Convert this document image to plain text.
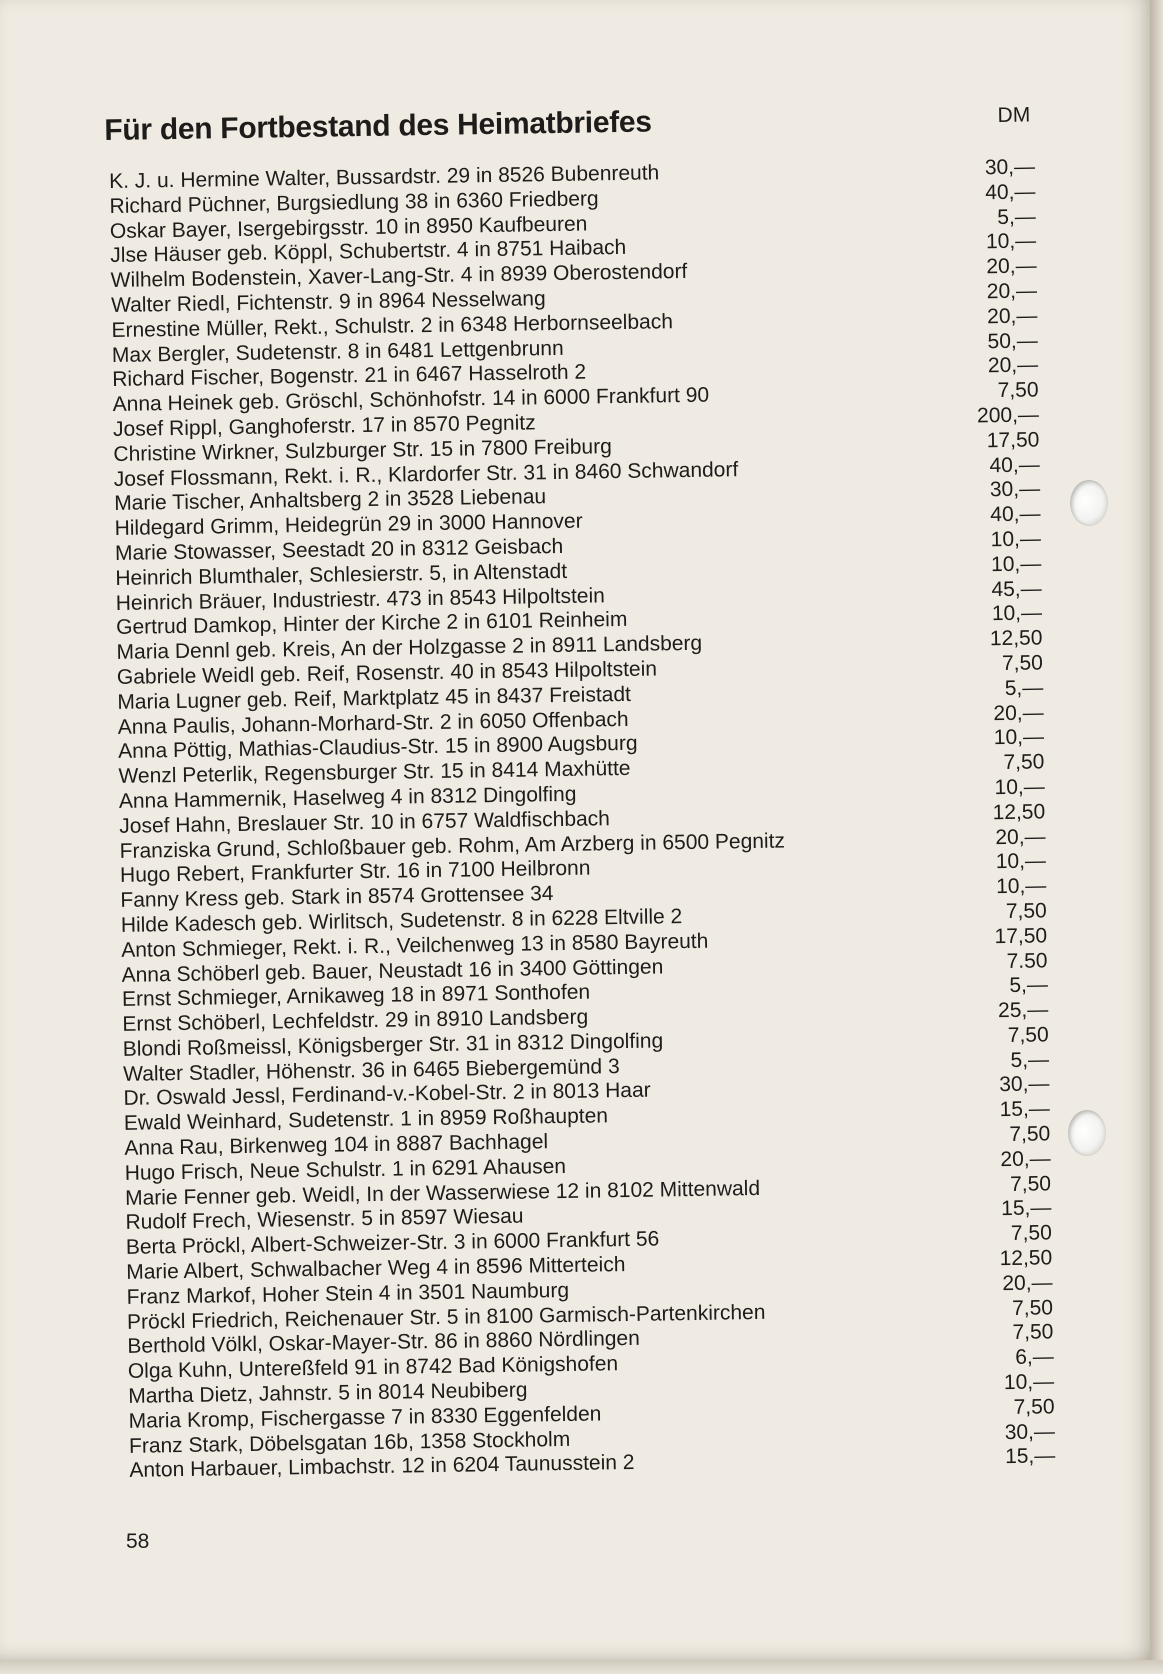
Für den Fortbestand des Heimatbriefes	DM
K. J. u. Hermine Walter, Bussardstr. 29 in 8526 Bubenreuth	30,—
Richard Püchner, Burgsiedlung 38 in 6360 Friedberg	40,—
Oskar Bayer, Isergebirgsstr. 10 in 8950 Kaufbeuren	5,—
Jlse Häuser geb. Köppl, Schubertstr. 4 in 8751 Haibach	10,—
Wilhelm Bodenstein, Xaver-Lang-Str. 4 in 8939 Oberostendorf	20,—
Walter Riedl, Fichtenstr. 9 in 8964 Nesselwang	20,—
Ernestine Müller, Rekt., Schulstr. 2 in 6348 Herbornseelbach	20,—
Max Bergler, Sudetenstr. 8 in 6481 Lettgenbrunn	50,—
Richard Fischer, Bogenstr. 21 in 6467 Hasselroth 2	20,—
Anna Heinek geb. Gröschl, Schönhofstr. 14 in 6000 Frankfurt 90	7,50
Josef Rippl, Ganghoferstr. 17 in 8570 Pegnitz	200,—
Christine Wirkner, Sulzburger Str. 15 in 7800 Freiburg	17,50
Josef Flossmann, Rekt. i. R., Klardorfer Str. 31 in 8460 Schwandorf	40,—
Marie Tischer, Anhaltsberg 2 in 3528 Liebenau	30,—
Hildegard Grimm, Heidegrün 29 in 3000 Hannover	40,—
Marie Stowasser, Seestadt 20 in 8312 Geisbach	10,—
Heinrich Blumthaler, Schlesierstr. 5, in Altenstadt	10,—
Heinrich Bräuer, Industriestr. 473 in 8543 Hilpoltstein	45,—
Gertrud Damkop, Hinter der Kirche 2 in 6101 Reinheim	10,—
Maria Dennl geb. Kreis, An der Holzgasse 2 in 8911 Landsberg	12,50
Gabriele Weidl geb. Reif, Rosenstr. 40 in 8543 Hilpoltstein	7,50
Maria Lugner geb. Reif, Marktplatz 45 in 8437 Freistadt	5,—
Anna Paulis, Johann-Morhard-Str. 2 in 6050 Offenbach	20,—
Anna Pöttig, Mathias-Claudius-Str. 15 in 8900 Augsburg	10,—
Wenzl Peterlik, Regensburger Str. 15 in 8414 Maxhütte	7,50
Anna Hammernik, Haselweg 4 in 8312 Dingolfing	10,—
Josef Hahn, Breslauer Str. 10 in 6757 Waldfischbach	12,50
Franziska Grund, Schloßbauer geb. Rohm, Am Arzberg in 6500 Pegnitz	20,—
Hugo Rebert, Frankfurter Str. 16 in 7100 Heilbronn	10,—
Fanny Kress geb. Stark in 8574 Grottensee 34	10,—
Hilde Kadesch geb. Wirlitsch, Sudetenstr. 8 in 6228 Eltville 2	7,50
Anton Schmieger, Rekt. i. R., Veilchenweg 13 in 8580 Bayreuth	17,50
Anna Schöberl geb. Bauer, Neustadt 16 in 3400 Göttingen	7.50
Ernst Schmieger, Arnikaweg 18 in 8971 Sonthofen	5,—
Ernst Schöberl, Lechfeldstr. 29 in 8910 Landsberg	25,—
Blondi Roßmeissl, Königsberger Str. 31 in 8312 Dingolfing	7,50
Walter Stadler, Höhenstr. 36 in 6465 Biebergemünd 3	5,—
Dr. Oswald Jessl, Ferdinand-v.-Kobel-Str. 2 in 8013 Haar	30,—
Ewald Weinhard, Sudetenstr. 1 in 8959 Roßhaupten	15,—
Anna Rau, Birkenweg 104 in 8887 Bachhagel	7,50
Hugo Frisch, Neue Schulstr. 1 in 6291 Ahausen	20,—
Marie Fenner geb. Weidl, In der Wasserwiese 12 in 8102 Mittenwald	7,50
Rudolf Frech, Wiesenstr. 5 in 8597 Wiesau	15,—
Berta Pröckl, Albert-Schweizer-Str. 3 in 6000 Frankfurt 56	7,50
Marie Albert, Schwalbacher Weg 4 in 8596 Mitterteich	12,50
Franz Markof, Hoher Stein 4 in 3501 Naumburg	20,—
Pröckl Friedrich, Reichenauer Str. 5 in 8100 Garmisch-Partenkirchen	7,50
Berthold Völkl, Oskar-Mayer-Str. 86 in 8860 Nördlingen	7,50
Olga Kuhn, Untereßfeld 91 in 8742 Bad Königshofen	6,—
Martha Dietz, Jahnstr. 5 in 8014 Neubiberg	10,—
Maria Kromp, Fischergasse 7 in 8330 Eggenfelden	7,50
Franz Stark, Döbelsgatan 16b, 1358 Stockholm	30,—
Anton Harbauer, Limbachstr. 12 in 6204 Taunusstein 2	15,—
58
